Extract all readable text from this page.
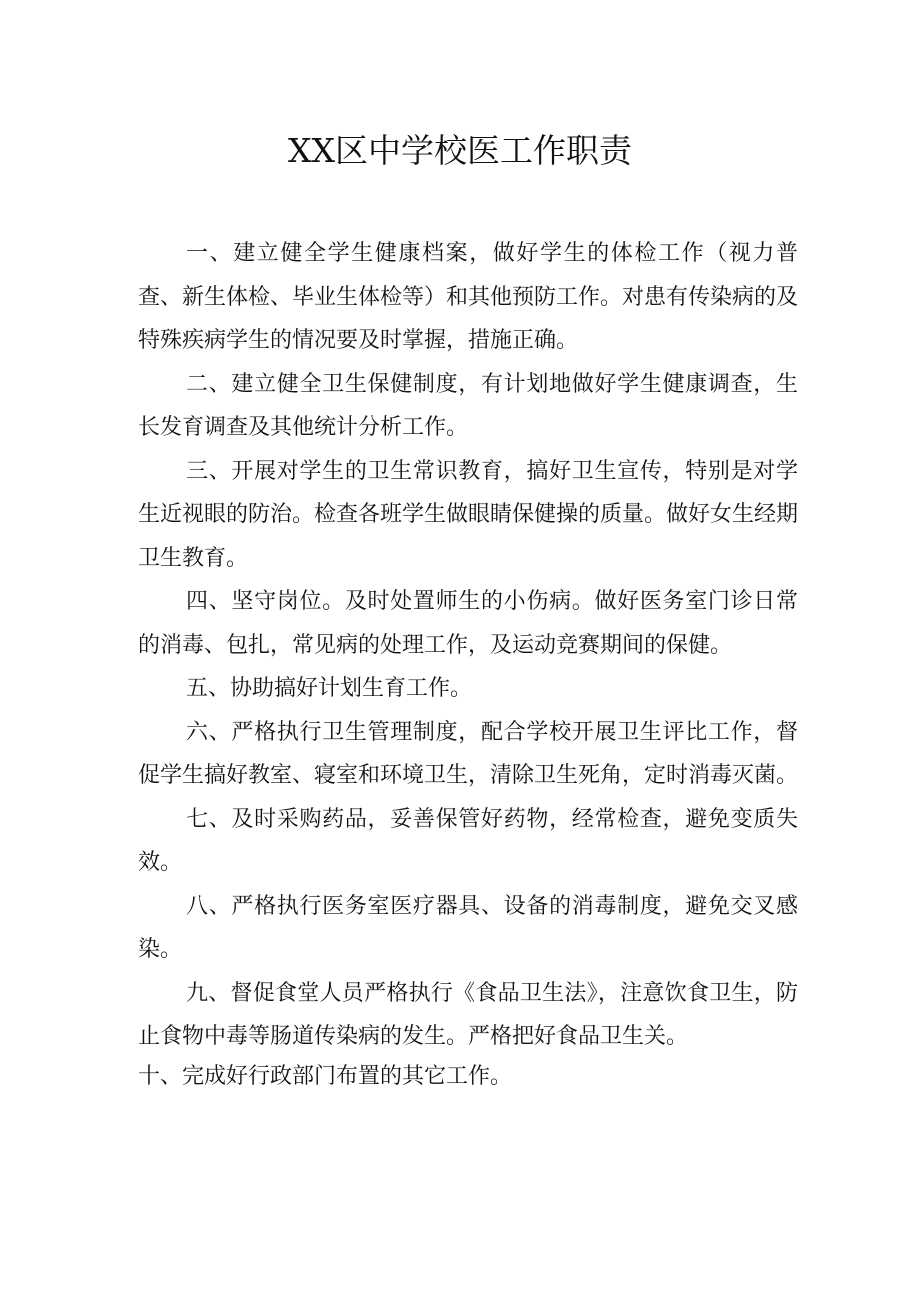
XX区中学校医工作职责

一、建立健全学生健康档案，做好学生的体检工作（视力普查、新生体检、毕业生体检等）和其他预防工作。对患有传染病的及特殊疾病学生的情况要及时掌握，措施正确。

二、建立健全卫生保健制度，有计划地做好学生健康调查，生长发育调查及其他统计分析工作。

三、开展对学生的卫生常识教育，搞好卫生宣传，特别是对学生近视眼的防治。检查各班学生做眼睛保健操的质量。做好女生经期卫生教育。

四、坚守岗位。及时处置师生的小伤病。做好医务室门诊日常的消毒、包扎，常见病的处理工作，及运动竞赛期间的保健。

五、协助搞好计划生育工作。

六、严格执行卫生管理制度，配合学校开展卫生评比工作，督促学生搞好教室、寝室和环境卫生，清除卫生死角，定时消毒灭菌。

七、及时采购药品，妥善保管好药物，经常检查，避免变质失效。

八、严格执行医务室医疗器具、设备的消毒制度，避免交叉感染。

九、督促食堂人员严格执行《食品卫生法》，注意饮食卫生，防止食物中毒等肠道传染病的发生。严格把好食品卫生关。

十、完成好行政部门布置的其它工作。
